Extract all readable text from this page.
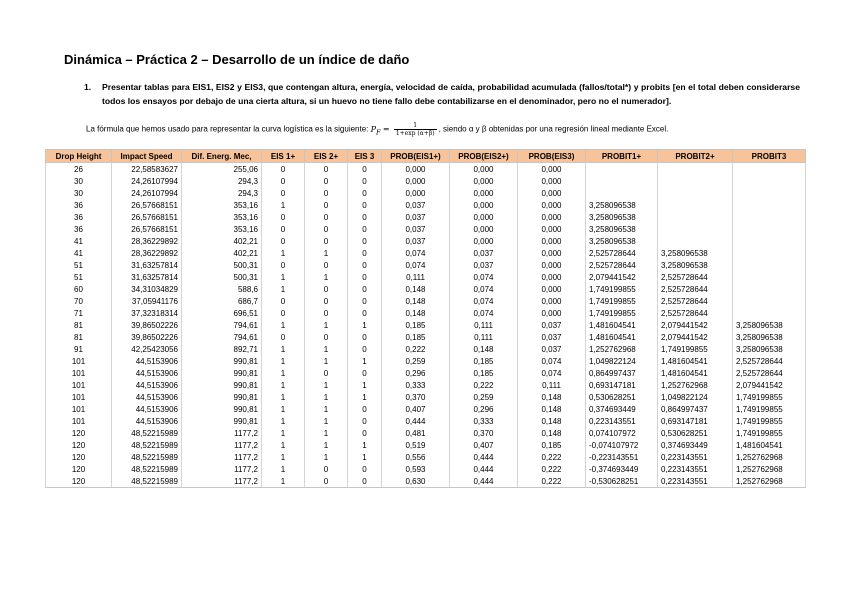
Dinámica – Práctica 2 – Desarrollo de un índice de daño
1. Presentar tablas para EIS1, EIS2 y EIS3, que contengan altura, energía, velocidad de caída, probabilidad acumulada (fallos/total*) y probits [en el total deben considerarse todos los ensayos por debajo de una cierta altura, si un huevo no tiene fallo debe contabilizarse en el denominador, pero no el numerador].
La fórmula que hemos usado para representar la curva logística es la siguiente: $P_F = \frac{1}{1+\exp (\alpha+\beta)}$ , siendo α y β obtenidas por una regresión lineal mediante Excel.
Drop Height	Impact Speed	Dif. Energ. Mec,	EIS 1+	EIS 2+	EIS 3	PROB(EIS1+)	PROB(EIS2+)	PROB(EIS3)	PROBIT1+	PROBIT2+	PROBIT3
26	22,58583627	255,06	0	0	0	0,000	0,000	0,000			
30	24,26107994	294,3	0	0	0	0,000	0,000	0,000			
30	24,26107994	294,3	0	0	0	0,000	0,000	0,000			
36	26,57668151	353,16	1	0	0	0,037	0,000	0,000	3,258096538		
36	26,57668151	353,16	0	0	0	0,037	0,000	0,000	3,258096538		
36	26,57668151	353,16	0	0	0	0,037	0,000	0,000	3,258096538		
41	28,36229892	402,21	0	0	0	0,037	0,000	0,000	3,258096538		
41	28,36229892	402,21	1	1	0	0,074	0,037	0,000	2,525728644	3,258096538	
51	31,63257814	500,31	0	0	0	0,074	0,037	0,000	2,525728644	3,258096538	
51	31,63257814	500,31	1	1	0	0,111	0,074	0,000	2,079441542	2,525728644	
60	34,31034829	588,6	1	0	0	0,148	0,074	0,000	1,749199855	2,525728644	
70	37,05941176	686,7	0	0	0	0,148	0,074	0,000	1,749199855	2,525728644	
71	37,32318314	696,51	0	0	0	0,148	0,074	0,000	1,749199855	2,525728644	
81	39,86502226	794,61	1	1	1	0,185	0,111	0,037	1,481604541	2,079441542	3,258096538
81	39,86502226	794,61	0	0	0	0,185	0,111	0,037	1,481604541	2,079441542	3,258096538
91	42,25423056	892,71	1	1	0	0,222	0,148	0,037	1,252762968	1,749199855	3,258096538
101	44,5153906	990,81	1	1	1	0,259	0,185	0,074	1,049822124	1,481604541	2,525728644
101	44,5153906	990,81	1	0	0	0,296	0,185	0,074	0,864997437	1,481604541	2,525728644
101	44,5153906	990,81	1	1	1	0,333	0,222	0,111	0,693147181	1,252762968	2,079441542
101	44,5153906	990,81	1	1	1	0,370	0,259	0,148	0,530628251	1,049822124	1,749199855
101	44,5153906	990,81	1	1	0	0,407	0,296	0,148	0,374693449	0,864997437	1,749199855
101	44,5153906	990,81	1	1	0	0,444	0,333	0,148	0,223143551	0,693147181	1,749199855
120	48,52215989	1177,2	1	1	0	0,481	0,370	0,148	0,074107972	0,530628251	1,749199855
120	48,52215989	1177,2	1	1	1	0,519	0,407	0,185	-0,074107972	0,374693449	1,481604541
120	48,52215989	1177,2	1	1	1	0,556	0,444	0,222	-0,223143551	0,223143551	1,252762968
120	48,52215989	1177,2	1	0	0	0,593	0,444	0,222	-0,374693449	0,223143551	1,252762968
120	48,52215989	1177,2	1	0	0	0,630	0,444	0,222	-0,530628251	0,223143551	1,252762968
